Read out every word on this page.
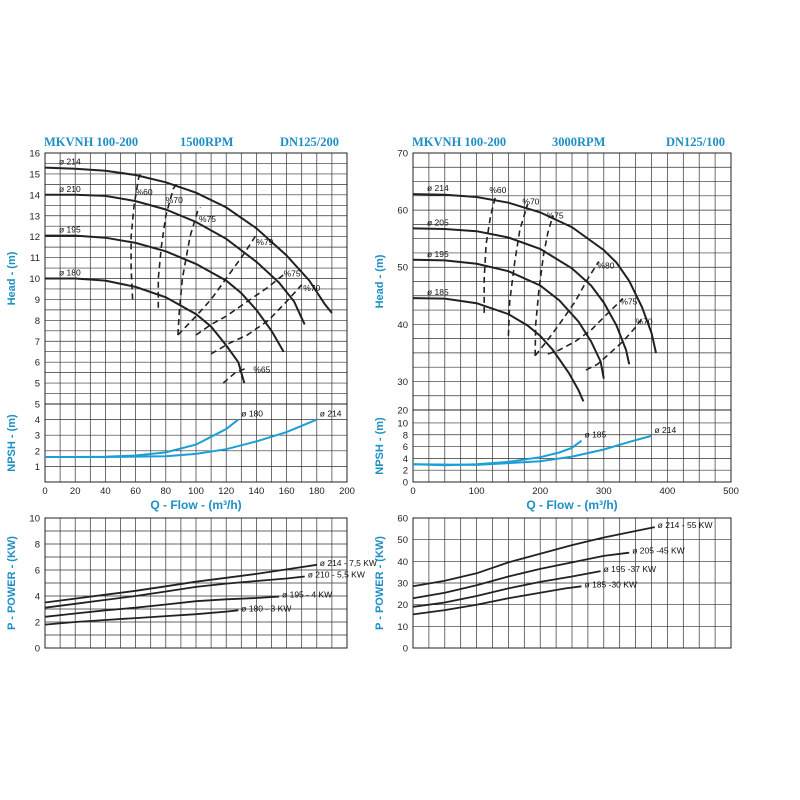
MKVNH 100-200	1500RPM	DN125/200
5
6
7
8
9
10
11
12
13
14
15
16
1
2
3
4
5
0
2
4
6
8
10
0 20 40 60 80 100 120 140 160 180 200
Q - Flow - (m³/h)
Head - (m)
NPSH - (m)
P - POWER - (KW)
ø 214
ø 210
ø 195
ø 180
%60
%70
%75
%79
%75
%70
%65
ø 180	ø 214
ø 214 - 7,5 KW
ø 210 - 5,5 KW
ø 195 - 4 KW
ø 180 - 3 KW
MKVNH 100-200	3000RPM	DN125/100
30
40
50
60
70
0
2
4
6
8
10
20
0
10
20
30
40
50
60
0	100	200	300	400	500
Q - Flow - (m³/h)
Head - (m)
NPSH - (m)
P - POWER - (KW)
ø 214
ø 205
ø 195
ø 185
%60
%70
%75
%80
%75
%70
ø 185	ø 214
ø 214 - 55 KW
ø 205 -45 KW
ø 195 -37 KW
ø 185 -30 KW
